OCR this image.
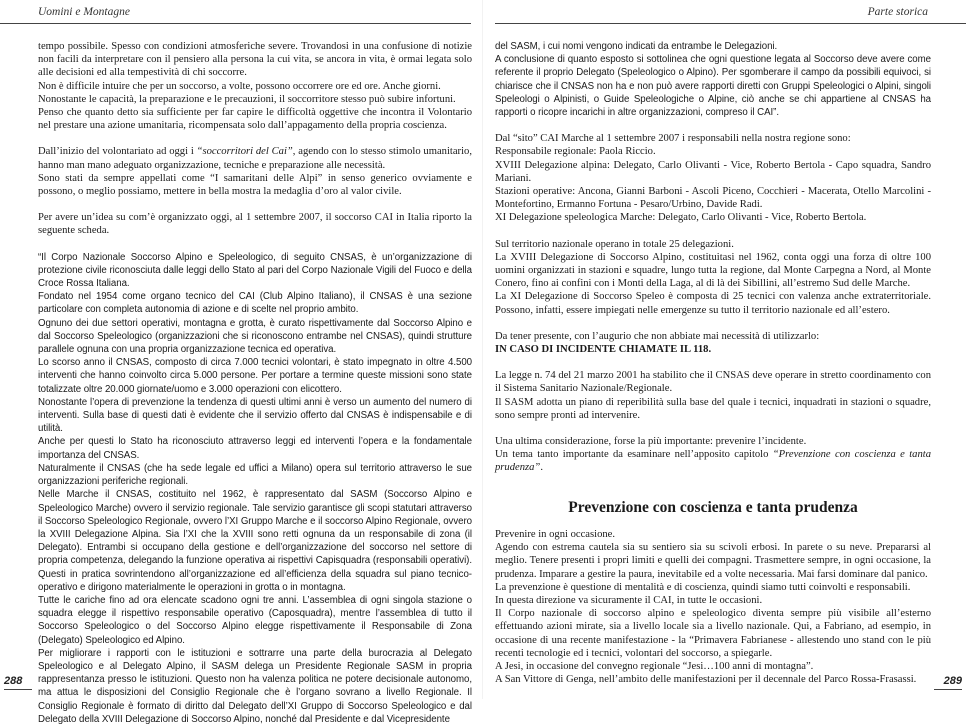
Uomini e Montagne

tempo possibile. Spesso con condizioni atmosferiche severe. Trovandosi in una confusione di notizie non facili da interpretare con il pensiero alla persona la cui vita, se ancora in vita, è ormai legata solo alle decisioni ed alla tempestività di chi soccorre.

Non è difficile intuire che per un soccorso, a volte, possono occorrere ore ed ore. Anche giorni.

Nonostante le capacità, la preparazione e le precauzioni, il soccorritore stesso può subire infortuni.

Penso che quanto detto sia sufficiente per far capire le difficoltà oggettive che incontra il Volontario nel prestare una azione umanitaria, ricompensata solo dall’appagamento della propria coscienza.

Dall’inizio del volontariato ad oggi i “soccorritori del Cai”, agendo con lo stesso stimolo umanitario, hanno man mano adeguato organizzazione, tecniche e preparazione alle necessità.

Sono stati da sempre appellati come “I samaritani delle Alpi” in senso generico ovviamente e possono, o meglio possiamo, mettere in bella mostra la medaglia d’oro al valor civile.

Per avere un’idea su com’è organizzato oggi, al 1 settembre 2007, il soccorso CAI in Italia riporto la seguente scheda.

“Il Corpo Nazionale Soccorso Alpino e Speleologico, di seguito CNSAS, è un’organizzazione di protezione civile riconosciuta dalle leggi dello Stato al pari del Corpo Nazionale Vigili del Fuoco e della Croce Rossa Italiana.

Fondato nel 1954 come organo tecnico del CAI (Club Alpino Italiano), il CNSAS è una sezione particolare con completa autonomia di azione e di scelte nel proprio ambito.

Ognuno dei due settori operativi, montagna e grotta, è curato rispettivamente dal Soccorso Alpino e dal Soccorso Speleologico (organizzazioni che si riconoscono entrambe nel CNSAS), quindi strutture parallele ognuna con una propria organizzazione tecnica ed operativa.

Lo scorso anno il CNSAS, composto di circa 7.000 tecnici volontari, è stato impegnato in oltre 4.500 interventi che hanno coinvolto circa 5.000 persone. Per portare a termine queste missioni sono state totalizzate oltre 20.000 giornate/uomo e 3.000 operazioni con elicottero.

Nonostante l’opera di prevenzione la tendenza di questi ultimi anni è verso un aumento del numero di interventi. Sulla base di questi dati è evidente che il servizio offerto dal CNSAS è indispensabile e di utilità.

Anche per questi lo Stato ha riconosciuto attraverso leggi ed interventi l’opera e la fondamentale importanza del CNSAS.

Naturalmente il CNSAS (che ha sede legale ed uffici a Milano) opera sul territorio attraverso le sue organizzazioni periferiche regionali.

Nelle Marche il CNSAS, costituito nel 1962, è rappresentato dal SASM (Soccorso Alpino e Speleologico Marche) ovvero il servizio regionale. Tale servizio garantisce gli scopi statutari attraverso il Soccorso Speleologico Regionale, ovvero l’XI Gruppo Marche e il soccorso Alpino Regionale, ovvero la XVIII Delegazione Alpina. Sia l’XI che la XVIII sono retti ognuna da un responsabile di zona (il Delegato). Entrambi si occupano della gestione e dell’organizzazione del soccorso nel settore di propria competenza, delegando la funzione operativa ai rispettivi Capisquadra (responsabili operativi). Questi in pratica sovrintendono all’organizzazione ed all’efficienza della squadra sul piano tecnico-operativo e dirigono materialmente le operazioni in grotta o in montagna.

Tutte le cariche fino ad ora elencate scadono ogni tre anni. L’assemblea di ogni singola stazione o squadra elegge il rispettivo responsabile operativo (Caposquadra), mentre l’assemblea di tutto il Soccorso Speleologico o del Soccorso Alpino elegge rispettivamente il Responsabile di Zona (Delegato) Speleologico ed Alpino.

Per migliorare i rapporti con le istituzioni e sottrarre una parte della burocrazia al Delegato Speleologico e al Delegato Alpino, il SASM delega un Presidente Regionale SASM in propria rappresentanza presso le istituzioni. Questo non ha valenza politica ne potere decisionale autonomo, ma attua le disposizioni del Consiglio Regionale che è l’organo sovrano a livello Regionale. Il Consiglio Regionale è formato di diritto dal Delegato dell’XI Gruppo di Soccorso Speleologico e dal Delegato della XVIII Delegazione di Soccorso Alpino, nonché dal Presidente e dal Vicepresidente

288
Parte storica

del SASM, i cui nomi vengono indicati da entrambe le Delegazioni.

A conclusione di quanto esposto si sottolinea che ogni questione legata al Soccorso deve avere come referente il proprio Delegato (Speleologico o Alpino). Per sgomberare il campo da possibili equivoci, si chiarisce che il CNSAS non ha e non può avere rapporti diretti con Gruppi Speleologici o Alpini, singoli Speleologi o Alpinisti, o Guide Speleologiche o Alpine, ciò anche se chi appartiene al CNSAS ha rapporti o ricopre incarichi in altre organizzazioni, compreso il CAI”.

Dal “sito” CAI Marche al 1 settembre 2007 i responsabili nella nostra regione sono:

Responsabile regionale: Paola Riccio.

XVIII Delegazione alpina: Delegato, Carlo Olivanti - Vice, Roberto Bertola - Capo squadra, Sandro Mariani.

Stazioni operative: Ancona, Gianni Barboni - Ascoli Piceno, Cocchieri - Macerata, Otello Marcolini - Montefortino, Ermanno Fortuna - Pesaro/Urbino, Davide Radi.

XI Delegazione speleologica Marche: Delegato, Carlo Olivanti - Vice, Roberto Bertola.

Sul territorio nazionale operano in totale 25 delegazioni.

La XVIII Delegazione di Soccorso Alpino, costituitasi nel 1962, conta oggi una forza di oltre 100 uomini organizzati in stazioni e squadre, lungo tutta la regione, dal Monte Carpegna a Nord, al Monte Conero, fino ai confini con i Monti della Laga, al di là dei Sibillini, all’estremo Sud delle Marche.

La XI Delegazione di Soccorso Speleo è composta di 25 tecnici con valenza anche extraterritoriale. Possono, infatti, essere impiegati nelle emergenze su tutto il territorio nazionale ed all’estero.

Da tener presente, con l’augurio che non abbiate mai necessità di utilizzarlo:

IN CASO DI INCIDENTE CHIAMATE IL 118.

La legge n. 74 del 21 marzo 2001 ha stabilito che il CNSAS deve operare in stretto coordinamento con il Sistema Sanitario Nazionale/Regionale.

Il SASM adotta un piano di reperibilità sulla base del quale i tecnici, inquadrati in stazioni o squadre, sono sempre pronti ad intervenire.

Una ultima considerazione, forse la più importante: prevenire l’incidente.

Un tema tanto importante da esaminare nell’apposito capitolo “Prevenzione con coscienza e tanta prudenza”.

Prevenzione con coscienza e tanta prudenza

Prevenire in ogni occasione.

Agendo con estrema cautela sia su sentiero sia su scivoli erbosi. In parete o su neve. Prepararsi al meglio. Tenere presenti i propri limiti e quelli dei compagni. Trasmettere sempre, in ogni occasione, la prudenza. Imparare a gestire la paura, inevitabile ed a volte necessaria. Mai farsi dominare dal panico.

La prevenzione è questione di mentalità e di coscienza, quindi siamo tutti coinvolti e responsabili.

In questa direzione va sicuramente il CAI, in tutte le occasioni.

Il Corpo nazionale di soccorso alpino e speleologico diventa sempre più visibile all’esterno effettuando azioni mirate, sia a livello locale sia a livello nazionale. Qui, a Fabriano, ad esempio, in occasione di una recente manifestazione - la “Primavera Fabrianese - allestendo uno stand con le più recenti tecnologie ed i tecnici, volontari del soccorso, a spiegarle.

A Jesi, in occasione del convegno regionale “Jesi…100 anni di montagna”.

A San Vittore di Genga, nell’ambito delle manifestazioni per il decennale del Parco Rossa-Frasassi.	289
